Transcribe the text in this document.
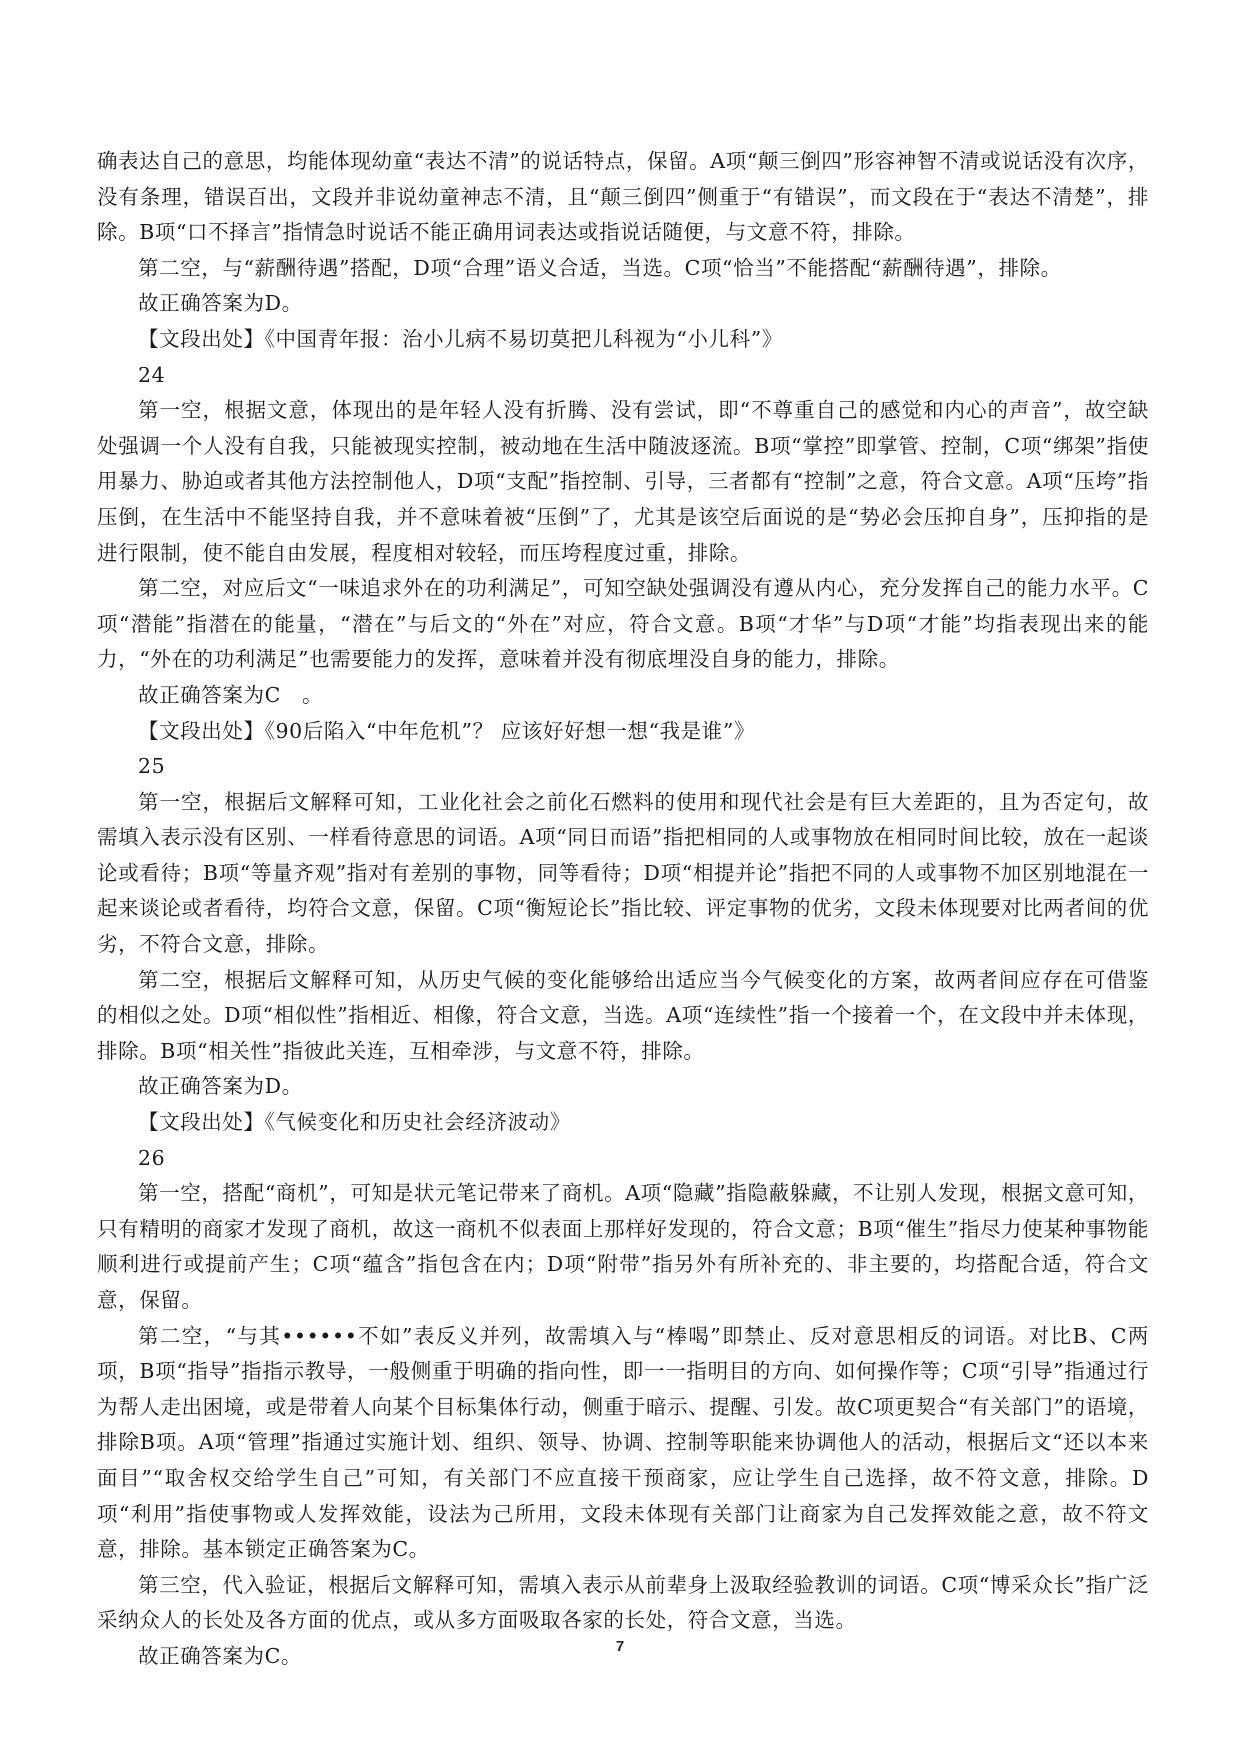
确表达自己的意思，均能体现幼童“表达不清”的说话特点，保留。A项“颠三倒四”形容神智不清或说话没有次序，没有条理，错误百出，文段并非说幼童神志不清，且“颠三倒四”侧重于“有错误”，而文段在于“表达不清楚”，排除。B项“口不择言”指情急时说话不能正确用词表达或指说话随便，与文意不符，排除。

第二空，与“薪酬待遇”搭配，D项“合理”语义合适，当选。C项“恰当”不能搭配“薪酬待遇”，排除。

故正确答案为D。

【文段出处】《中国青年报：治小儿病不易切莫把儿科视为“小儿科”》

24

第一空，根据文意，体现出的是年轻人没有折腾、没有尝试，即“不尊重自己的感觉和内心的声音”，故空缺处强调一个人没有自我，只能被现实控制，被动地在生活中随波逐流。B项“掌控”即掌管、控制，C项“绑架”指使用暴力、胁迫或者其他方法控制他人，D项“支配”指控制、引导，三者都有“控制”之意，符合文意。A项“压垮”指压倒，在生活中不能坚持自我，并不意味着被“压倒”了，尤其是该空后面说的是“势必会压抑自身”，压抑指的是进行限制，使不能自由发展，程度相对较轻，而压垮程度过重，排除。

第二空，对应后文“一味追求外在的功利满足”，可知空缺处强调没有遵从内心，充分发挥自己的能力水平。C项“潜能”指潜在的能量，“潜在”与后文的“外在”对应，符合文意。B项“才华”与D项“才能”均指表现出来的能力，“外在的功利满足”也需要能力的发挥，意味着并没有彻底埋没自身的能力，排除。

故正确答案为C　。

【文段出处】《90后陷入“中年危机”？ 应该好好想一想“我是谁”》

25

第一空，根据后文解释可知，工业化社会之前化石燃料的使用和现代社会是有巨大差距的，且为否定句，故需填入表示没有区别、一样看待意思的词语。A项“同日而语”指把相同的人或事物放在相同时间比较，放在一起谈论或看待；B项“等量齐观”指对有差别的事物，同等看待；D项“相提并论”指把不同的人或事物不加区别地混在一起来谈论或者看待，均符合文意，保留。C项“衡短论长”指比较、评定事物的优劣，文段未体现要对比两者间的优劣，不符合文意，排除。

第二空，根据后文解释可知，从历史气候的变化能够给出适应当今气候变化的方案，故两者间应存在可借鉴的相似之处。D项“相似性”指相近、相像，符合文意，当选。A项“连续性”指一个接着一个，在文段中并未体现，排除。B项“相关性”指彼此关连，互相牵涉，与文意不符，排除。

故正确答案为D。

【文段出处】《气候变化和历史社会经济波动》

26

第一空，搭配“商机”，可知是状元笔记带来了商机。A项“隐藏”指隐蔽躲藏，不让别人发现，根据文意可知，只有精明的商家才发现了商机，故这一商机不似表面上那样好发现的，符合文意；B项“催生”指尽力使某种事物能顺利进行或提前产生；C项“蕴含”指包含在内；D项“附带”指另外有所补充的、非主要的，均搭配合适，符合文意，保留。

第二空，“与其••••••不如”表反义并列，故需填入与“棒喝”即禁止、反对意思相反的词语。对比B、C两项，B项“指导”指指示教导，一般侧重于明确的指向性，即一一指明目的方向、如何操作等；C项“引导”指通过行为帮人走出困境，或是带着人向某个目标集体行动，侧重于暗示、提醒、引发。故C项更契合“有关部门”的语境，排除B项。A项“管理”指通过实施计划、组织、领导、协调、控制等职能来协调他人的活动，根据后文“还以本来面目”“取舍权交给学生自己”可知，有关部门不应直接干预商家，应让学生自己选择，故不符文意，排除。D项“利用”指使事物或人发挥效能，设法为己所用，文段未体现有关部门让商家为自己发挥效能之意，故不符文意，排除。基本锁定正确答案为C。

第三空，代入验证，根据后文解释可知，需填入表示从前辈身上汲取经验教训的词语。C项“博采众长”指广泛采纳众人的长处及各方面的优点，或从多方面吸取各家的长处，符合文意，当选。

故正确答案为C。	7
